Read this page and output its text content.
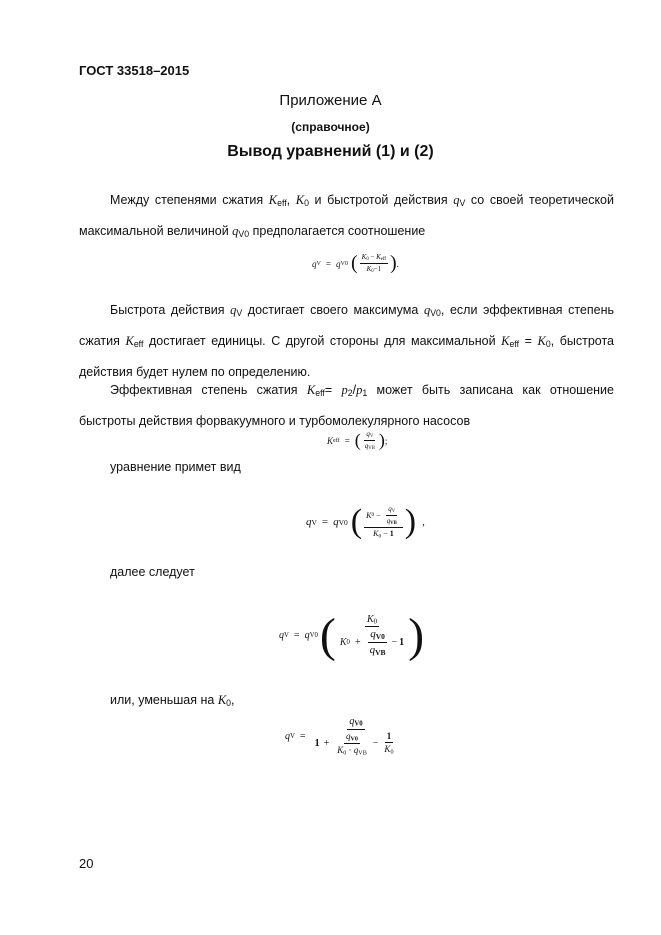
ГОСТ 33518–2015
Приложение А
(справочное)
Вывод уравнений (1) и (2)

Между степенями сжатия $K_{eff}$, $K_0$ и быстротой действия $q_V$ со своей теоретической максимальной величиной $q_{V0}$ предполагается соотношение

q V = q V0 ( $K_0 - K_{eff}$
$K_0-1$ ) .

Быстрота действия $q_V$ достигает своего максимума $q_{V0}$, если эффективная степень сжатия $K_{eff}$ достигает единицы. С другой стороны для максимальной $K_{eff} = K_0$, быстрота действия будет нулем по определению.

Эффективная степень сжатия $K_{eff}= p_2/p_1$ может быть записана как отношение быстроты действия форвакуумного и турбомолекулярного насосов

K eff = ( $q_V$
$q_{VB}$ ) ;
уравнение примет вид
q V = q V0 ( K 0 −
$q_V$
$q_{VB}$
$K_0 - 1$ ) ,
далее следует
q V = q V0 (	$K_0$
K 0 +
$q_{V0}$
$q_{VB}$
− 1 )
или, уменьшая на $K_0$,
q V =
$q_{V0}$
1 +
$q_{V0}$
$K_0 \cdot q_{VB}$
− $\frac{1}{K_0}$
20
